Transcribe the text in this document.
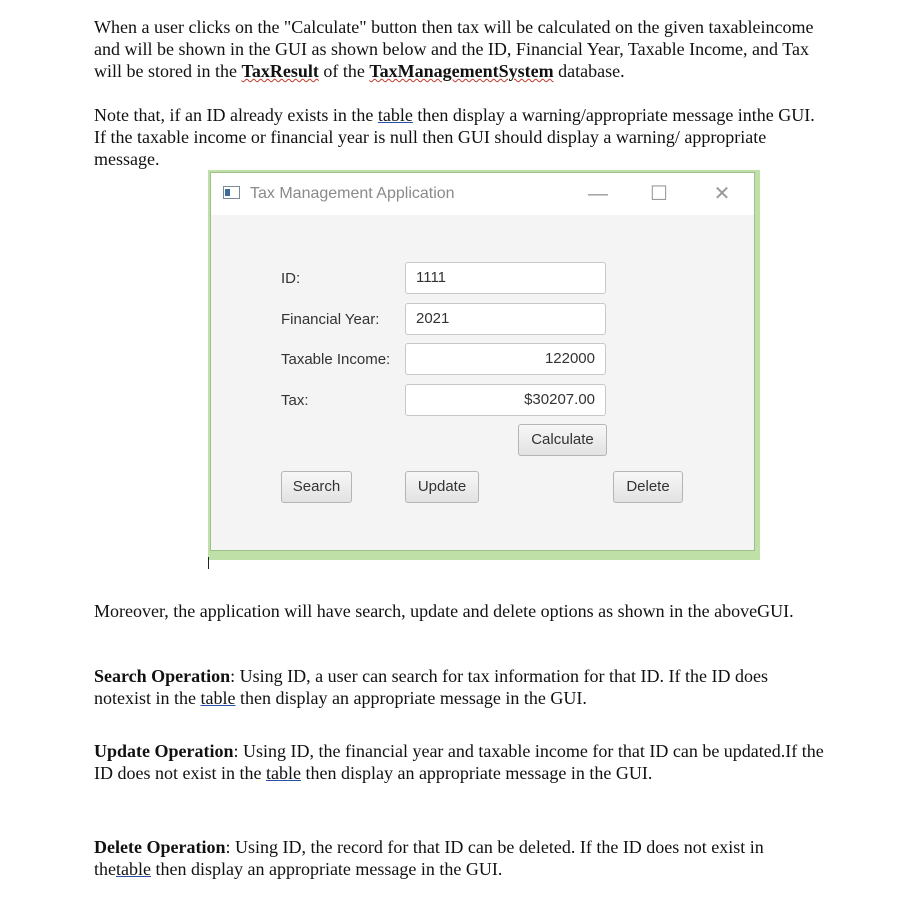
When a user clicks on the "Calculate" button then tax will be calculated on the given taxableincome and will be shown in the GUI as shown below and the ID, Financial Year, Taxable Income, and Tax will be stored in the TaxResult of the TaxManagementSystem database.
Note that, if an ID already exists in the table then display a warning/appropriate message inthe GUI. If the taxable income or financial year is null then GUI should display a warning/ appropriate message.
Tax Management Application	—	☐	✕
ID:	1111
Financial Year:	2021
Taxable Income:	122000
Tax:	$30207.00
Calculate
Search	Update	Delete
Moreover, the application will have search, update and delete options as shown in the aboveGUI.
Search Operation: Using ID, a user can search for tax information for that ID. If the ID does notexist in the table then display an appropriate message in the GUI.
Update Operation: Using ID, the financial year and taxable income for that ID can be updated.If the ID does not exist in the table then display an appropriate message in the GUI.
Delete Operation: Using ID, the record for that ID can be deleted. If the ID does not exist in thetable then display an appropriate message in the GUI.
